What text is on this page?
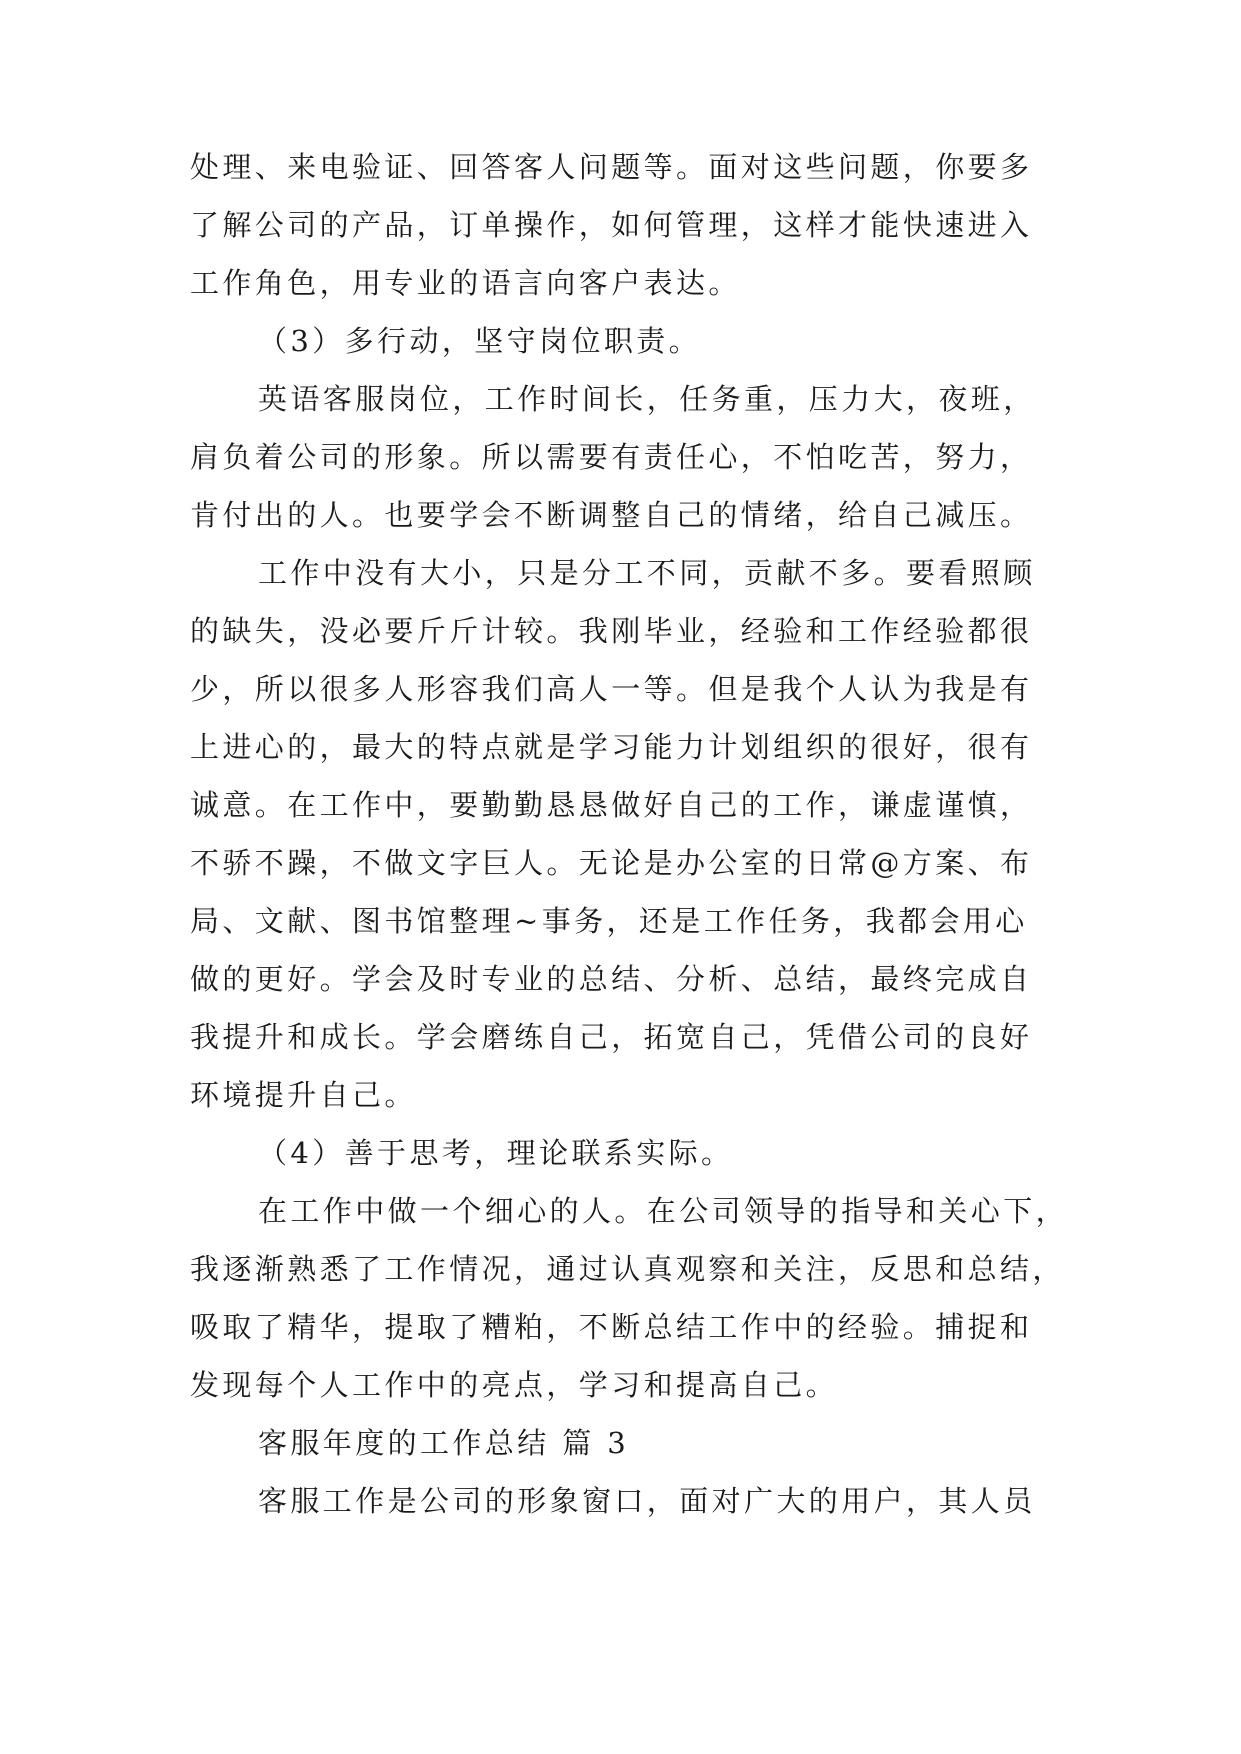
处理、来电验证、回答客人问题等。面对这些问题，你要多
了解公司的产品，订单操作，如何管理，这样才能快速进入
工作角色，用专业的语言向客户表达。
（3）多行动，坚守岗位职责。
英语客服岗位，工作时间长，任务重，压力大，夜班，
肩负着公司的形象。所以需要有责任心，不怕吃苦，努力，
肯付出的人。也要学会不断调整自己的情绪，给自己减压。
工作中没有大小，只是分工不同，贡献不多。要看照顾
的缺失，没必要斤斤计较。我刚毕业，经验和工作经验都很
少，所以很多人形容我们高人一等。但是我个人认为我是有
上进心的，最大的特点就是学习能力计划组织的很好，很有
诚意。在工作中，要勤勤恳恳做好自己的工作，谦虚谨慎，
不骄不躁，不做文字巨人。无论是办公室的日常@方案、布
局、文献、图书馆整理~事务，还是工作任务，我都会用心
做的更好。学会及时专业的总结、分析、总结，最终完成自
我提升和成长。学会磨练自己，拓宽自己，凭借公司的良好
环境提升自己。
（4）善于思考，理论联系实际。
在工作中做一个细心的人。在公司领导的指导和关心下，
我逐渐熟悉了工作情况，通过认真观察和关注，反思和总结，
吸取了精华，提取了糟粕，不断总结工作中的经验。捕捉和
发现每个人工作中的亮点，学习和提高自己。
客服年度的工作总结 篇 3
客服工作是公司的形象窗口，面对广大的用户，其人员
